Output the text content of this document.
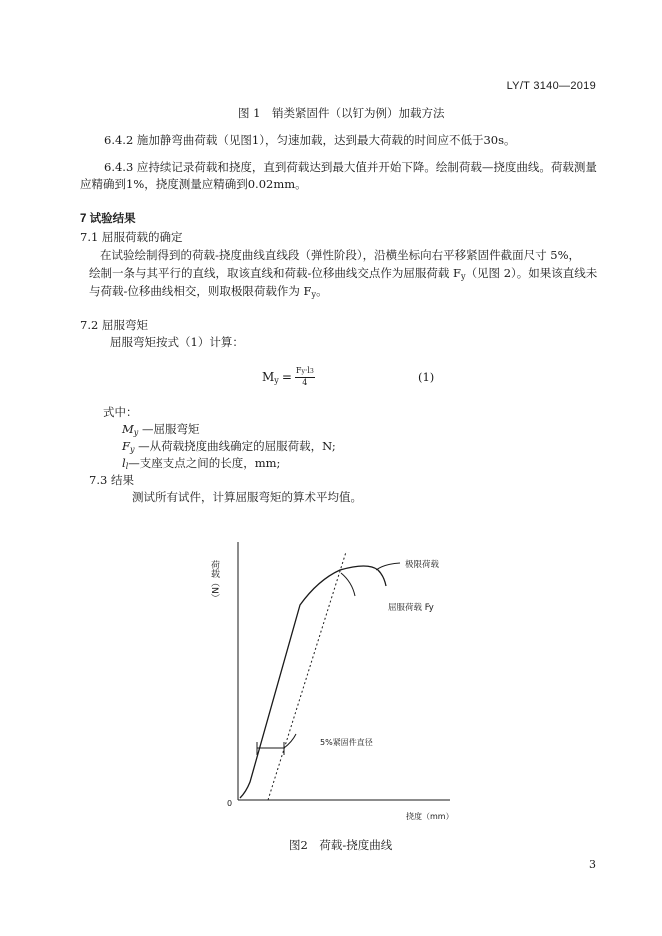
LY/T 3140—2019
图 1　销类紧固件（以钉为例）加载方法
6.4.2 施加静弯曲荷载（见图1），匀速加载，达到最大荷载的时间应不低于30s。
6.4.3 应持续记录荷载和挠度，直到荷载达到最大值并开始下降。绘制荷载—挠度曲线。荷载测量
应精确到1%，挠度测量应精确到0.02mm。
7 试验结果
7.1 屈服荷载的确定
在试验绘制得到的荷载-挠度曲线直线段（弹性阶段），沿横坐标向右平移紧固件截面尺寸 5%，
绘制一条与其平行的直线，取该直线和荷载-位移曲线交点作为屈服荷载 $F_y$（见图 2）。如果该直线未
与荷载-位移曲线相交，则取极限荷载作为 $F_y$。
7.2 屈服弯矩
屈服弯矩按式（1）计算：
$M_y = \frac{Fy\cdot l3}{4}$	(1)
式中：
$M_y$ —屈服弯矩
$F_y$ —从荷载挠度曲线确定的屈服荷载，N;
$l_l—$支座支点之间的长度，mm;
7.3 结果
测试所有试件，计算屈服弯矩的算术平均值。
荷载（N）
0
挠度（mm）
5%紧固件直径
极限荷载
屈服荷载 Fy
图2　荷载-挠度曲线
3
